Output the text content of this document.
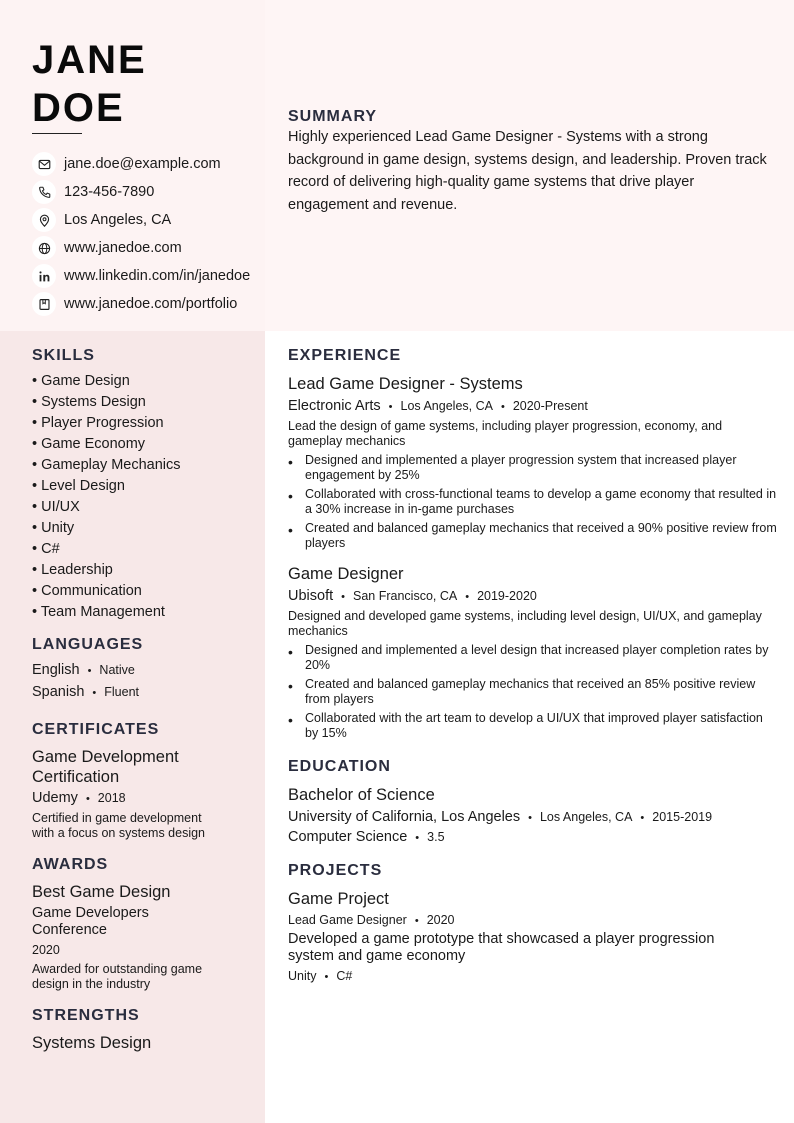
JANE
DOE
jane.doe@example.com
123-456-7890
Los Angeles, CA
www.janedoe.com
www.linkedin.com/in/janedoe
www.janedoe.com/portfolio
SUMMARY

Highly experienced Lead Game Designer - Systems with a strong background in game design, systems design, and leadership. Proven track record of delivering high-quality game systems that drive player engagement and revenue.

SKILLS
• Game Design
• Systems Design
• Player Progression
• Game Economy
• Gameplay Mechanics
• Level Design
• UI/UX
• Unity
• C#
• Leadership
• Communication
• Team Management
LANGUAGES
English • Native
Spanish • Fluent
CERTIFICATES
Game Development Certification
Udemy • 2018
Certified in game development with a focus on systems design
AWARDS
Best Game Design
Game Developers Conference
2020
Awarded for outstanding game design in the industry
STRENGTHS
Systems Design
EXPERIENCE
Lead Game Designer - Systems
Electronic Arts • Los Angeles, CA • 2020-Present
Lead the design of game systems, including player progression, economy, and gameplay mechanics
• Designed and implemented a player progression system that increased player engagement by 25%
• Collaborated with cross-functional teams to develop a game economy that resulted in a 30% increase in in-game purchases
• Created and balanced gameplay mechanics that received a 90% positive review from players
Game Designer
Ubisoft • San Francisco, CA • 2019-2020
Designed and developed game systems, including level design, UI/UX, and gameplay mechanics
• Designed and implemented a level design that increased player completion rates by 20%
• Created and balanced gameplay mechanics that received an 85% positive review from players
• Collaborated with the art team to develop a UI/UX that improved player satisfaction by 15%
EDUCATION
Bachelor of Science
University of California, Los Angeles • Los Angeles, CA • 2015-2019
Computer Science • 3.5
PROJECTS
Game Project
Lead Game Designer • 2020
Developed a game prototype that showcased a player progression system and game economy
Unity • C#
